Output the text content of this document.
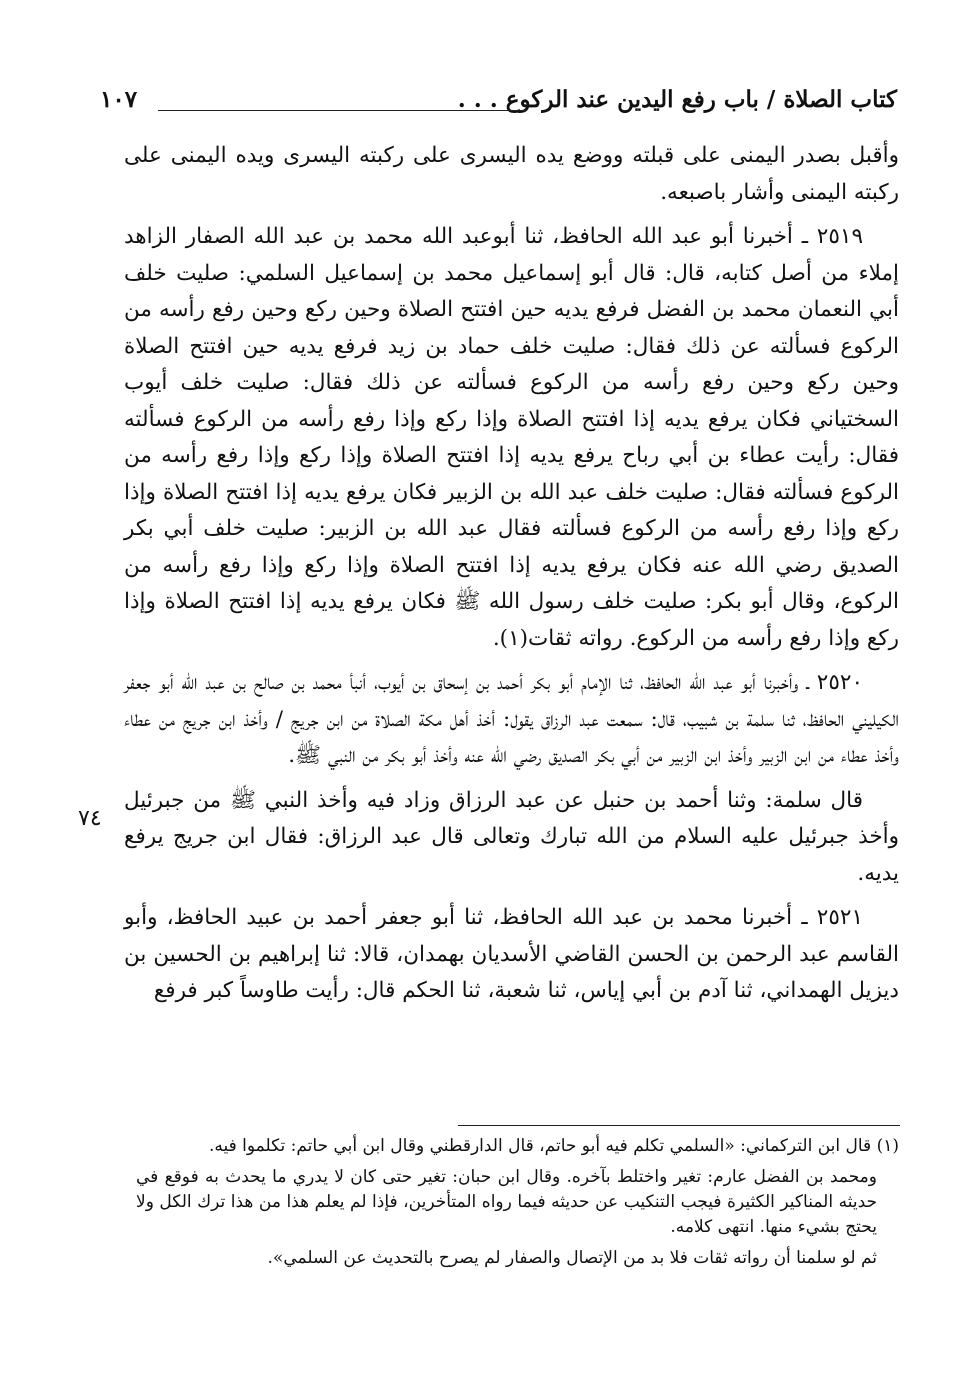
كتاب الصلاة / باب رفع اليدين عند الركوع . . .
١٠٧

وأقبل بصدر اليمنى على قبلته ووضع يده اليسرى على ركبته اليسرى ويده اليمنى على ركبته اليمنى وأشار باصبعه.

٢٥١٩ ـ أخبرنا أبو عبد الله الحافظ، ثنا أبوعبد الله محمد بن عبد الله الصفار الزاهد إملاء من أصل كتابه، قال: قال أبو إسماعيل محمد بن إسماعيل السلمي: صليت خلف أبي النعمان محمد بن الفضل فرفع يديه حين افتتح الصلاة وحين ركع وحين رفع رأسه من الركوع فسألته عن ذلك فقال: صليت خلف حماد بن زيد فرفع يديه حين افتتح الصلاة وحين ركع وحين رفع رأسه من الركوع فسألته عن ذلك فقال: صليت خلف أيوب السختياني فكان يرفع يديه إذا افتتح الصلاة وإذا ركع وإذا رفع رأسه من الركوع فسألته فقال: رأيت عطاء بن أبي رباح يرفع يديه إذا افتتح الصلاة وإذا ركع وإذا رفع رأسه من الركوع فسألته فقال: صليت خلف عبد الله بن الزبير فكان يرفع يديه إذا افتتح الصلاة وإذا ركع وإذا رفع رأسه من الركوع فسألته فقال عبد الله بن الزبير: صليت خلف أبي بكر الصديق رضي الله عنه فكان يرفع يديه إذا افتتح الصلاة وإذا ركع وإذا رفع رأسه من الركوع، وقال أبو بكر: صليت خلف رسول الله ﷺ فكان يرفع يديه إذا افتتح الصلاة وإذا ركع وإذا رفع رأسه من الركوع. رواته ثقات(١).

٢٥٢٠ ـ وأخبرنا أبو عبد الله الحافظ، ثنا الإمام أبو بكر أحمد بن إسحاق بن أيوب، أنبأ محمد بن صالح بن عبد الله أبو جعفر الكيليني الحافظ، ثنا سلمة بن شبيب، قال: سمعت عبد الرزاق يقول: أخذ أهل مكة الصلاة من ابن جريج / وأخذ ابن جريج من عطاء وأخذ عطاء من ابن الزبير وأخذ ابن الزبير من أبي بكر الصديق رضي الله عنه وأخذ أبو بكر من النبي ﷺ.

قال سلمة: وثنا أحمد بن حنبل عن عبد الرزاق وزاد فيه وأخذ النبي ﷺ من جبرئيل وأخذ جبرئيل عليه السلام من الله تبارك وتعالى قال عبد الرزاق: فقال ابن جريج يرفع يديه.

٢٥٢١ ـ أخبرنا محمد بن عبد الله الحافظ، ثنا أبو جعفر أحمد بن عبيد الحافظ، وأبو القاسم عبد الرحمن بن الحسن القاضي الأسديان بهمدان، قالا: ثنا إبراهيم بن الحسين بن ديزيل الهمداني، ثنا آدم بن أبي إياس، ثنا شعبة، ثنا الحكم قال: رأيت طاوساً كبر فرفع

٧٤

(١) قال ابن التركماني: «السلمي تكلم فيه أبو حاتم، قال الدارقطني وقال ابن أبي حاتم: تكلموا فيه.

ومحمد بن الفضل عارم: تغير واختلط بآخره. وقال ابن حبان: تغير حتى كان لا يدري ما يحدث به فوقع في حديثه المناكير الكثيرة فيجب التنكيب عن حديثه فيما رواه المتأخرين، فإذا لم يعلم هذا من هذا ترك الكل ولا يحتج بشيء منها. انتهى كلامه.

ثم لو سلمنا أن رواته ثقات فلا بد من الإتصال والصفار لم يصرح بالتحديث عن السلمي».
